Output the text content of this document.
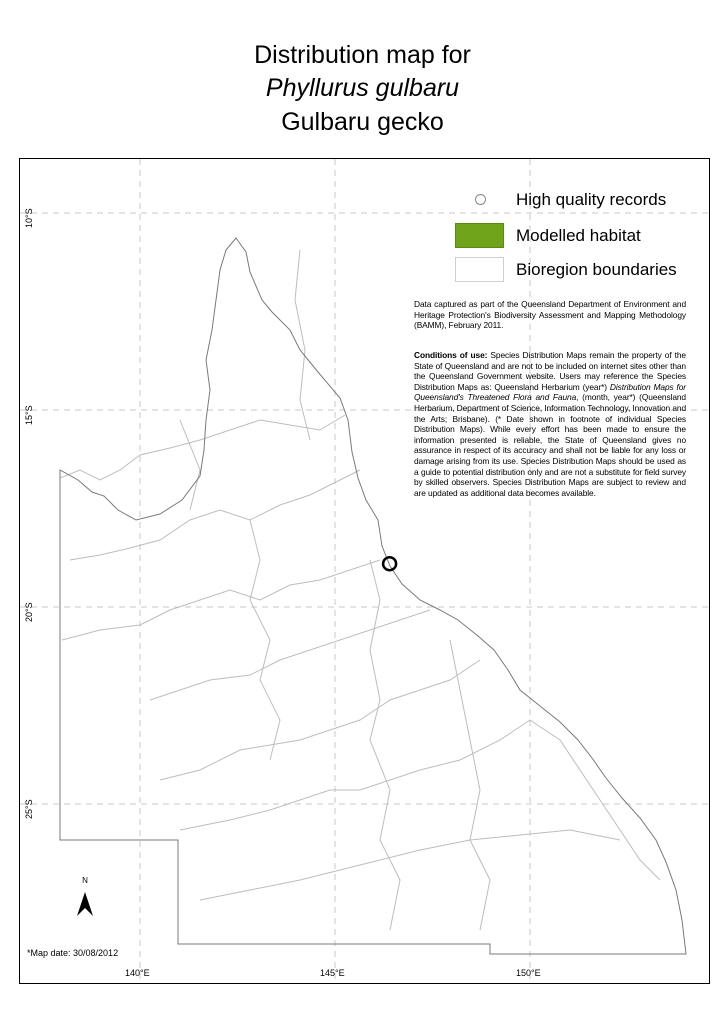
Distribution map for
Phyllurus gulbaru
Gulbaru gecko
High quality records
Modelled habitat
Bioregion boundaries
Data captured as part of the Queensland Department of Environment and Heritage Protection's Biodiversity Assessment and Mapping Methodology (BAMM), February 2011.
Conditions of use: Species Distribution Maps remain the property of the State of Queensland and are not to be included on internet sites other than the Queensland Government website. Users may reference the Species Distribution Maps as: Queensland Herbarium (year*) Distribution Maps for Queensland's Threatened Flora and Fauna, (month, year*) (Queensland Herbarium, Department of Science, Information Technology, Innovation and the Arts; Brisbane). (* Date shown in footnote of individual Species Distribution Maps). While every effort has been made to ensure the information presented is reliable, the State of Queensland gives no assurance in respect of its accuracy and shall not be liable for any loss or damage arising from its use. Species Distribution Maps should be used as a guide to potential distribution only and are not a substitute for field survey by skilled observers. Species Distribution Maps are subject to review and are updated as additional data becomes available.
140°E	145°E	150°E
10°S
15°S
20°S
25°S
N
*Map date: 30/08/2012
